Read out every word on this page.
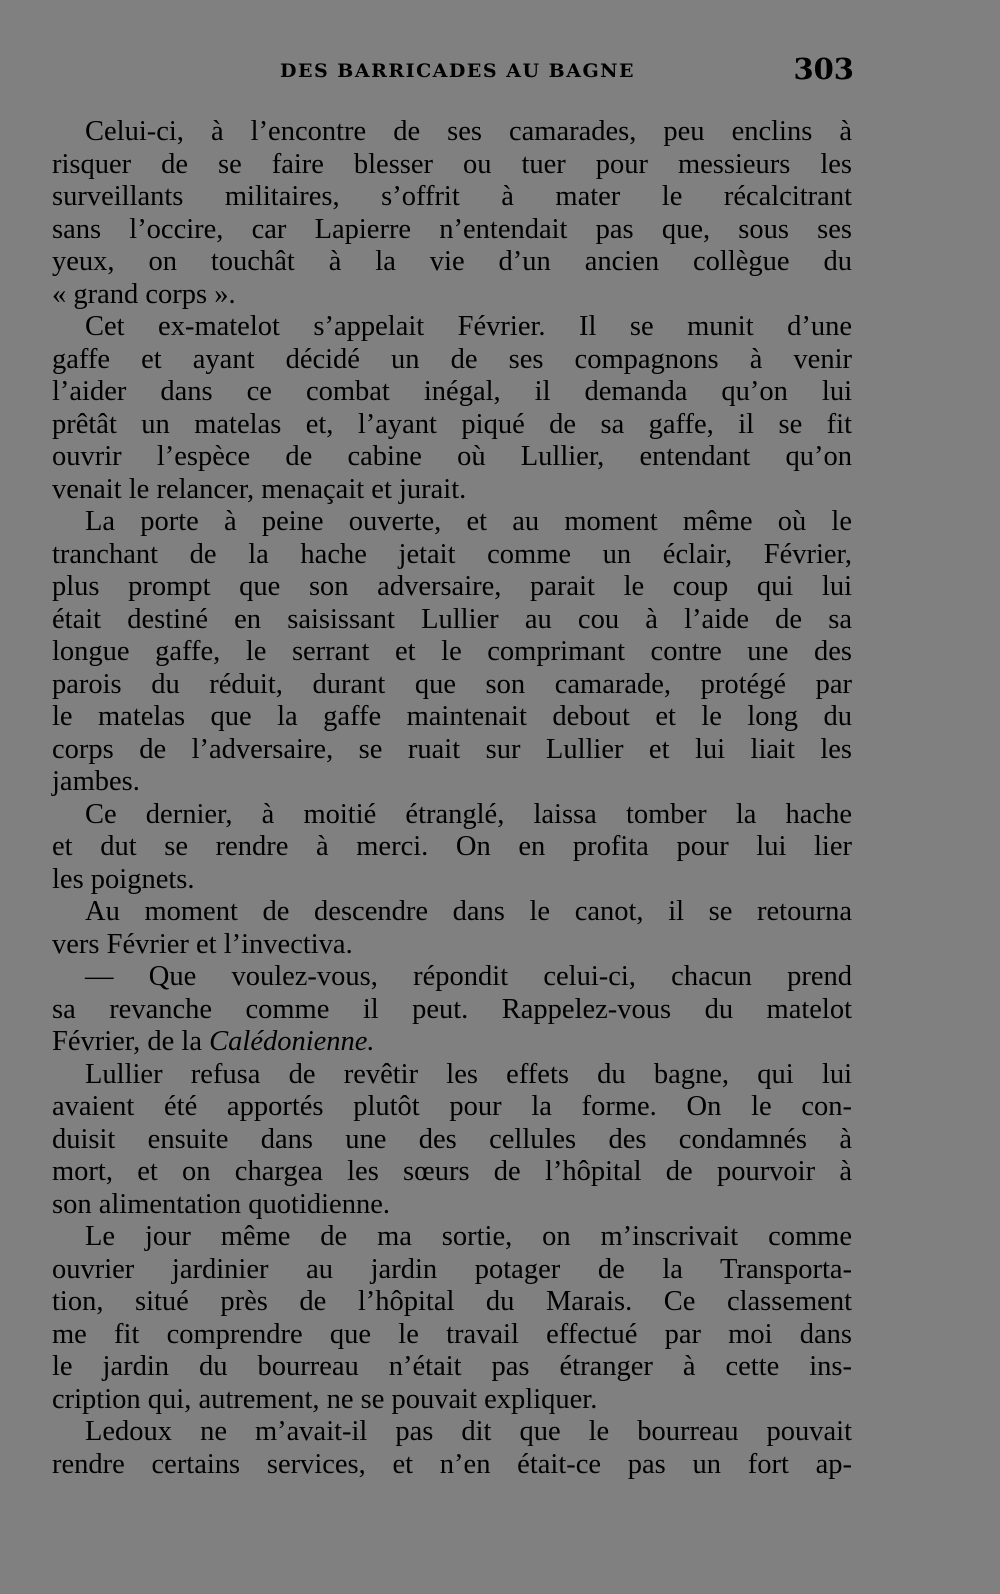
DES BARRICADES AU BAGNE	303
Celui-ci, à l’encontre de ses camarades, peu enclins à
risquer de se faire blesser ou tuer pour messieurs les
surveillants militaires, s’offrit à mater le récalcitrant
sans l’occire, car Lapierre n’entendait pas que, sous ses
yeux, on touchât à la vie d’un ancien collègue du
« grand corps ».
Cet ex-matelot s’appelait Février. Il se munit d’une
gaffe et ayant décidé un de ses compagnons à venir
l’aider dans ce combat inégal, il demanda qu’on lui
prêtât un matelas et, l’ayant piqué de sa gaffe, il se fit
ouvrir l’espèce de cabine où Lullier, entendant qu’on
venait le relancer, menaçait et jurait.
La porte à peine ouverte, et au moment même où le
tranchant de la hache jetait comme un éclair, Février,
plus prompt que son adversaire, parait le coup qui lui
était destiné en saisissant Lullier au cou à l’aide de sa
longue gaffe, le serrant et le comprimant contre une des
parois du réduit, durant que son camarade, protégé par
le matelas que la gaffe maintenait debout et le long du
corps de l’adversaire, se ruait sur Lullier et lui liait les
jambes.
Ce dernier, à moitié étranglé, laissa tomber la hache
et dut se rendre à merci. On en profita pour lui lier
les poignets.
Au moment de descendre dans le canot, il se retourna
vers Février et l’invectiva.
— Que voulez-vous, répondit celui-ci, chacun prend
sa revanche comme il peut. Rappelez-vous du matelot
Février, de la Calédonienne.
Lullier refusa de revêtir les effets du bagne, qui lui
avaient été apportés plutôt pour la forme. On le con-
duisit ensuite dans une des cellules des condamnés à
mort, et on chargea les sœurs de l’hôpital de pourvoir à
son alimentation quotidienne.
Le jour même de ma sortie, on m’inscrivait comme
ouvrier jardinier au jardin potager de la Transporta-
tion, situé près de l’hôpital du Marais. Ce classement
me fit comprendre que le travail effectué par moi dans
le jardin du bourreau n’était pas étranger à cette ins-
cription qui, autrement, ne se pouvait expliquer.
Ledoux ne m’avait-il pas dit que le bourreau pouvait
rendre certains services, et n’en était-ce pas un fort ap-
